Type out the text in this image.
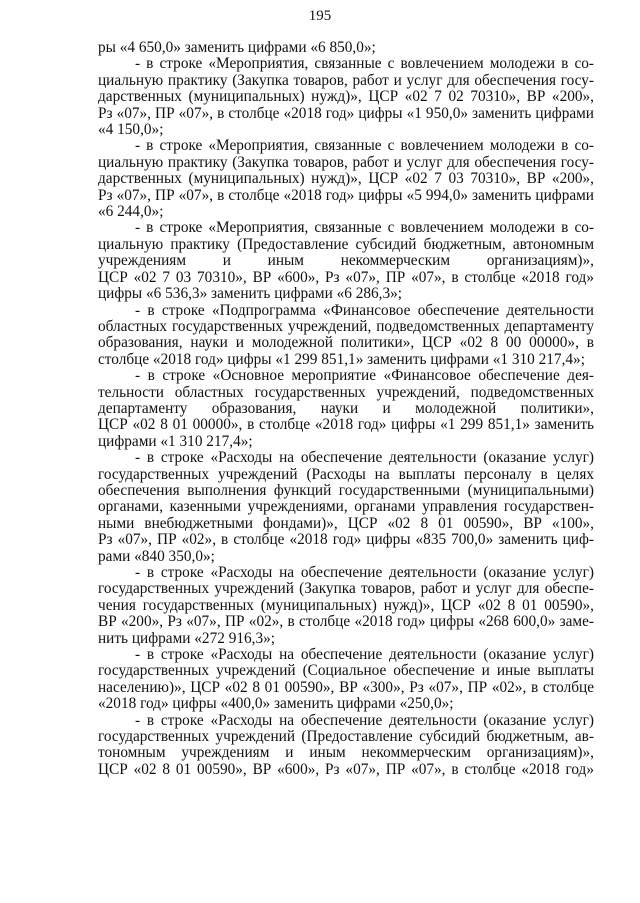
195

ры «4 650,0» заменить цифрами «6 850,0»;

- в строке «Мероприятия, связанные с вовлечением молодежи в со-
циальную практику (Закупка товаров, работ и услуг для обеспечения госу-
дарственных (муниципальных) нужд)», ЦСР «02 7 02 70310», ВР «200»,
Рз «07», ПР «07», в столбце «2018 год» цифры «1 950,0» заменить цифрами
«4 150,0»;

- в строке «Мероприятия, связанные с вовлечением молодежи в со-
циальную практику (Закупка товаров, работ и услуг для обеспечения госу-
дарственных (муниципальных) нужд)», ЦСР «02 7 03 70310», ВР «200»,
Рз «07», ПР «07», в столбце «2018 год» цифры «5 994,0» заменить цифрами
«6 244,0»;

- в строке «Мероприятия, связанные с вовлечением молодежи в со-
циальную практику (Предоставление субсидий бюджетным, автономным
учреждениям и иным некоммерческим организациям)»,
ЦСР «02 7 03 70310», ВР «600», Рз «07», ПР «07», в столбце «2018 год»
цифры «6 536,3» заменить цифрами «6 286,3»;

- в строке «Подпрограмма «Финансовое обеспечение деятельности
областных государственных учреждений, подведомственных департаменту
образования, науки и молодежной политики», ЦСР «02 8 00 00000», в
столбце «2018 год» цифры «1 299 851,1» заменить цифрами «1 310 217,4»;

- в строке «Основное мероприятие «Финансовое обеспечение дея-
тельности областных государственных учреждений, подведомственных
департаменту образования, науки и молодежной политики»,
ЦСР «02 8 01 00000», в столбце «2018 год» цифры «1 299 851,1» заменить
цифрами «1 310 217,4»;

- в строке «Расходы на обеспечение деятельности (оказание услуг)
государственных учреждений (Расходы на выплаты персоналу в целях
обеспечения выполнения функций государственными (муниципальными)
органами, казенными учреждениями, органами управления государствен-
ными внебюджетными фондами)», ЦСР «02 8 01 00590», ВР «100»,
Рз «07», ПР «02», в столбце «2018 год» цифры «835 700,0» заменить циф-
рами «840 350,0»;

- в строке «Расходы на обеспечение деятельности (оказание услуг)
государственных учреждений (Закупка товаров, работ и услуг для обеспе-
чения государственных (муниципальных) нужд)», ЦСР «02 8 01 00590»,
ВР «200», Рз «07», ПР «02», в столбце «2018 год» цифры «268 600,0» заме-
нить цифрами «272 916,3»;

- в строке «Расходы на обеспечение деятельности (оказание услуг)
государственных учреждений (Социальное обеспечение и иные выплаты
населению)», ЦСР «02 8 01 00590», ВР «300», Рз «07», ПР «02», в столбце
«2018 год» цифры «400,0» заменить цифрами «250,0»;

- в строке «Расходы на обеспечение деятельности (оказание услуг)
государственных учреждений (Предоставление субсидий бюджетным, ав-
тономным учреждениям и иным некоммерческим организациям)»,
ЦСР «02 8 01 00590», ВР «600», Рз «07», ПР «07», в столбце «2018 год»
